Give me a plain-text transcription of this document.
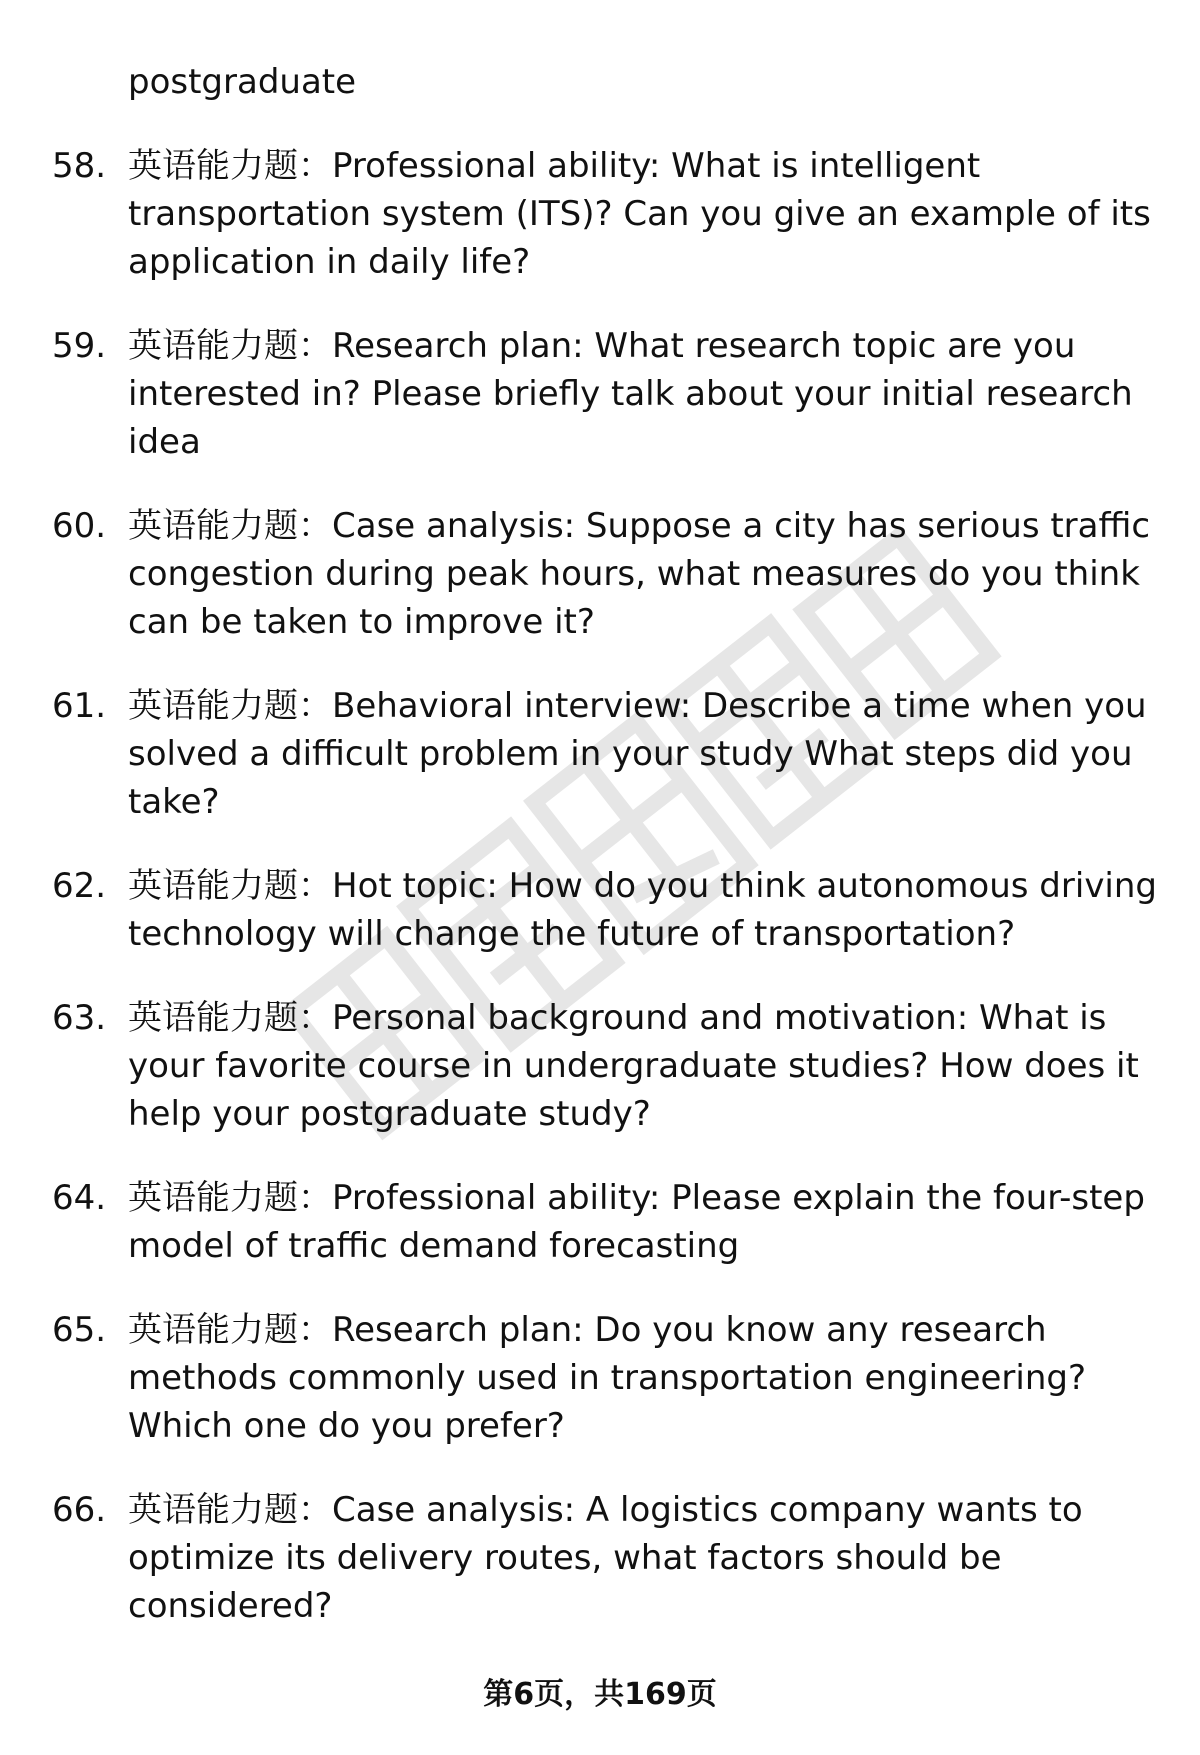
postgraduate

58. 英语能力题：Professional ability: What is intelligent transportation system (ITS)? Can you give an example of its application in daily life?
59. 英语能力题：Research plan: What research topic are you interested in? Please briefly talk about your initial research idea
60. 英语能力题：Case analysis: Suppose a city has serious traffic congestion during peak hours, what measures do you think can be taken to improve it?
61. 英语能力题：Behavioral interview: Describe a time when you solved a difficult problem in your study What steps did you take?
62. 英语能力题：Hot topic: How do you think autonomous driving technology will change the future of transportation?
63. 英语能力题：Personal background and motivation: What is your favorite course in undergraduate studies? How does it help your postgraduate study?
64. 英语能力题：Professional ability: Please explain the four-step model of traffic demand forecasting
65. 英语能力题：Research plan: Do you know any research methods commonly used in transportation engineering? Which one do you prefer?
66. 英语能力题：Case analysis: A logistics company wants to optimize its delivery routes, what factors should be considered?
第6页，共169页
